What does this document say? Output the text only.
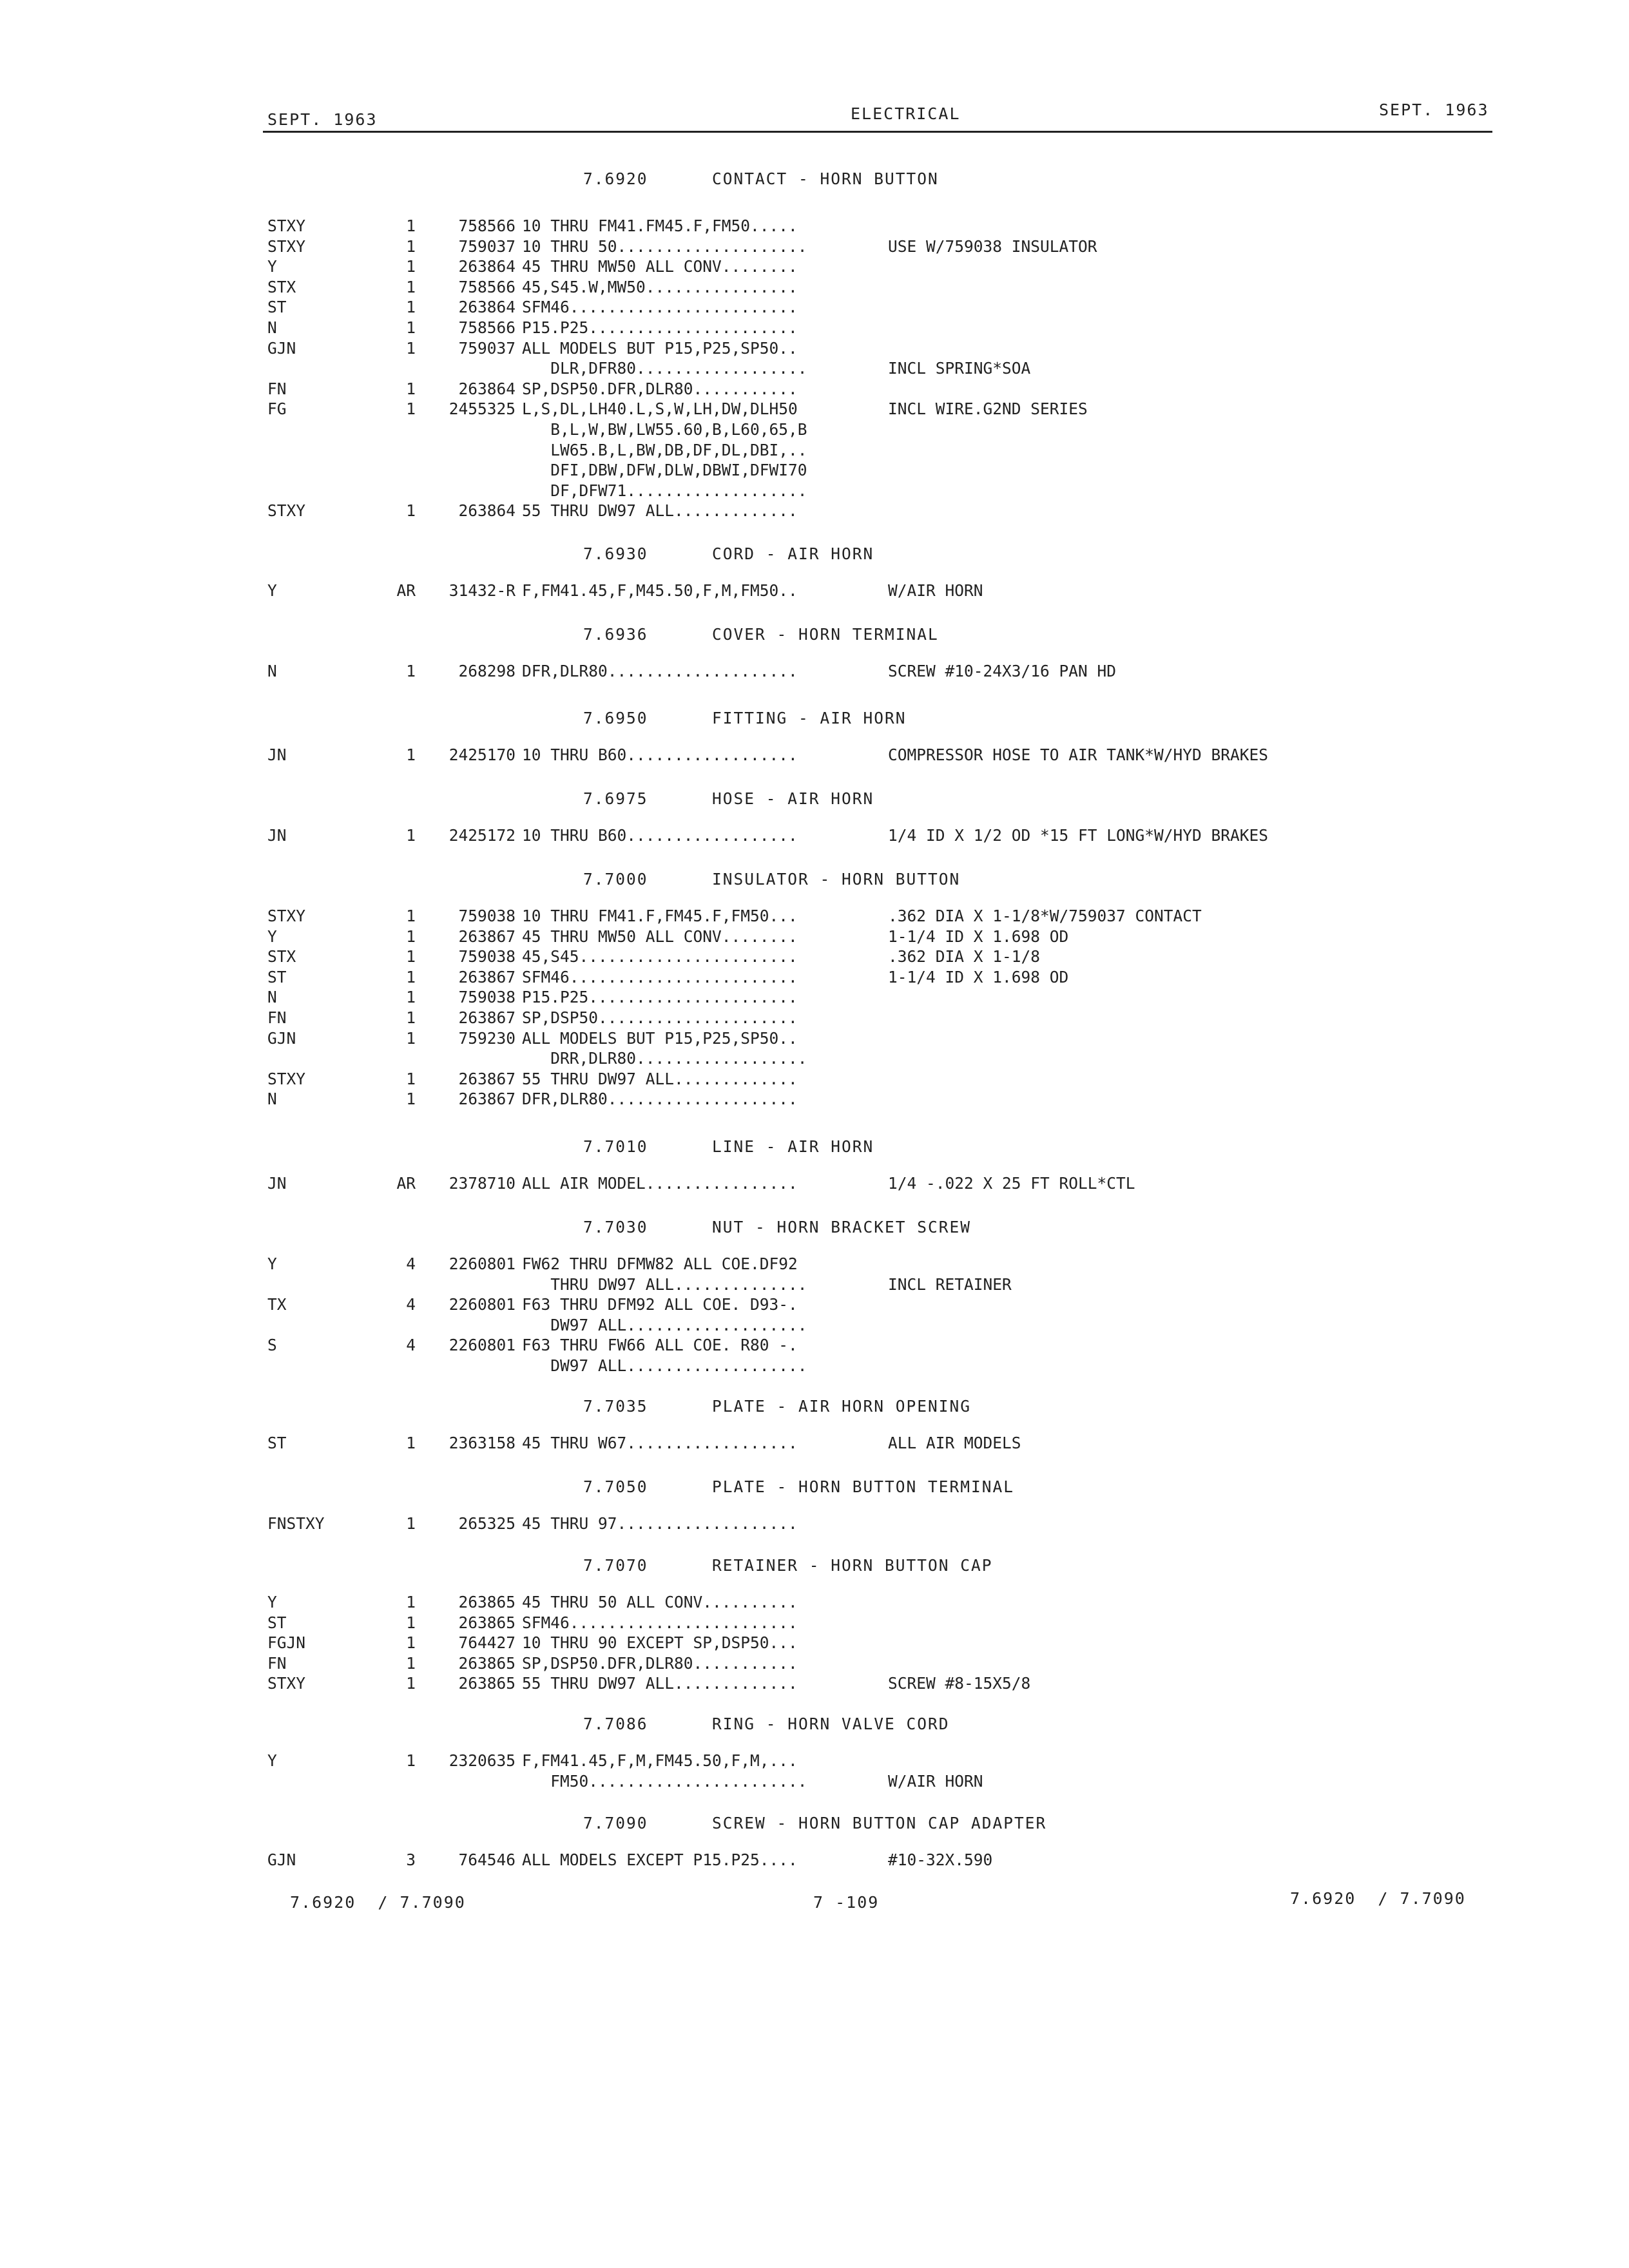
SEPT. 1963	ELECTRICAL	SEPT. 1963
7.6920	CONTACT - HORN BUTTON
STXY	1	758566 10 THRU FM41.FM45.F,FM50.....
STXY	1	759037 10 THRU 50....................	USE W/759038 INSULATOR
Y	1	263864 45 THRU MW50 ALL CONV........
STX	1	758566 45,S45.W,MW50................
ST	1	263864 SFM46........................
N	1	758566 P15.P25......................
GJN	1	759037 ALL MODELS BUT P15,P25,SP50..
DLR,DFR80..................	INCL SPRING*SOA
FN	1	263864 SP,DSP50.DFR,DLR80...........
FG	1	2455325 L,S,DL,LH40.L,S,W,LH,DW,DLH50	INCL WIRE.G2ND SERIES
B,L,W,BW,LW55.60,B,L60,65,B
LW65.B,L,BW,DB,DF,DL,DBI,..
DFI,DBW,DFW,DLW,DBWI,DFWI70
DF,DFW71...................
STXY	1	263864 55 THRU DW97 ALL.............
7.6930	CORD - AIR HORN
Y	AR	31432-R F,FM41.45,F,M45.50,F,M,FM50..	W/AIR HORN
7.6936	COVER - HORN TERMINAL
N	1	268298 DFR,DLR80....................	SCREW #10-24X3/16 PAN HD
7.6950	FITTING - AIR HORN
JN	1	2425170 10 THRU B60..................	COMPRESSOR HOSE TO AIR TANK*W/HYD BRAKES
7.6975	HOSE - AIR HORN
JN	1	2425172 10 THRU B60..................	1/4 ID X 1/2 OD *15 FT LONG*W/HYD BRAKES
7.7000	INSULATOR - HORN BUTTON
STXY	1	759038 10 THRU FM41.F,FM45.F,FM50...	.362 DIA X 1-1/8*W/759037 CONTACT
Y	1	263867 45 THRU MW50 ALL CONV........	1-1/4 ID X 1.698 OD
STX	1	759038 45,S45.......................	.362 DIA X 1-1/8
ST	1	263867 SFM46........................	1-1/4 ID X 1.698 OD
N	1	759038 P15.P25......................
FN	1	263867 SP,DSP50.....................
GJN	1	759230 ALL MODELS BUT P15,P25,SP50..
DRR,DLR80..................
STXY	1	263867 55 THRU DW97 ALL.............
N	1	263867 DFR,DLR80....................
7.7010	LINE - AIR HORN
JN	AR	2378710 ALL AIR MODEL................	1/4 -.022 X 25 FT ROLL*CTL
7.7030	NUT - HORN BRACKET SCREW
Y	4	2260801 FW62 THRU DFMW82 ALL COE.DF92
THRU DW97 ALL..............	INCL RETAINER
TX	4	2260801 F63 THRU DFM92 ALL COE. D93-.
DW97 ALL...................
S	4	2260801 F63 THRU FW66 ALL COE. R80 -.
DW97 ALL...................
7.7035	PLATE - AIR HORN OPENING
ST	1	2363158 45 THRU W67..................	ALL AIR MODELS
7.7050	PLATE - HORN BUTTON TERMINAL
FNSTXY	1	265325 45 THRU 97...................
7.7070	RETAINER - HORN BUTTON CAP
Y	1	263865 45 THRU 50 ALL CONV..........
ST	1	263865 SFM46........................
FGJN	1	764427 10 THRU 90 EXCEPT SP,DSP50...
FN	1	263865 SP,DSP50.DFR,DLR80...........
STXY	1	263865 55 THRU DW97 ALL.............	SCREW #8-15X5/8
7.7086	RING - HORN VALVE CORD
Y	1	2320635 F,FM41.45,F,M,FM45.50,F,M,...
FM50.......................	W/AIR HORN
7.7090	SCREW - HORN BUTTON CAP ADAPTER
GJN	3	764546 ALL MODELS EXCEPT P15.P25....	#10-32X.590
7.6920  / 7.7090	7 -109	7.6920  / 7.7090
